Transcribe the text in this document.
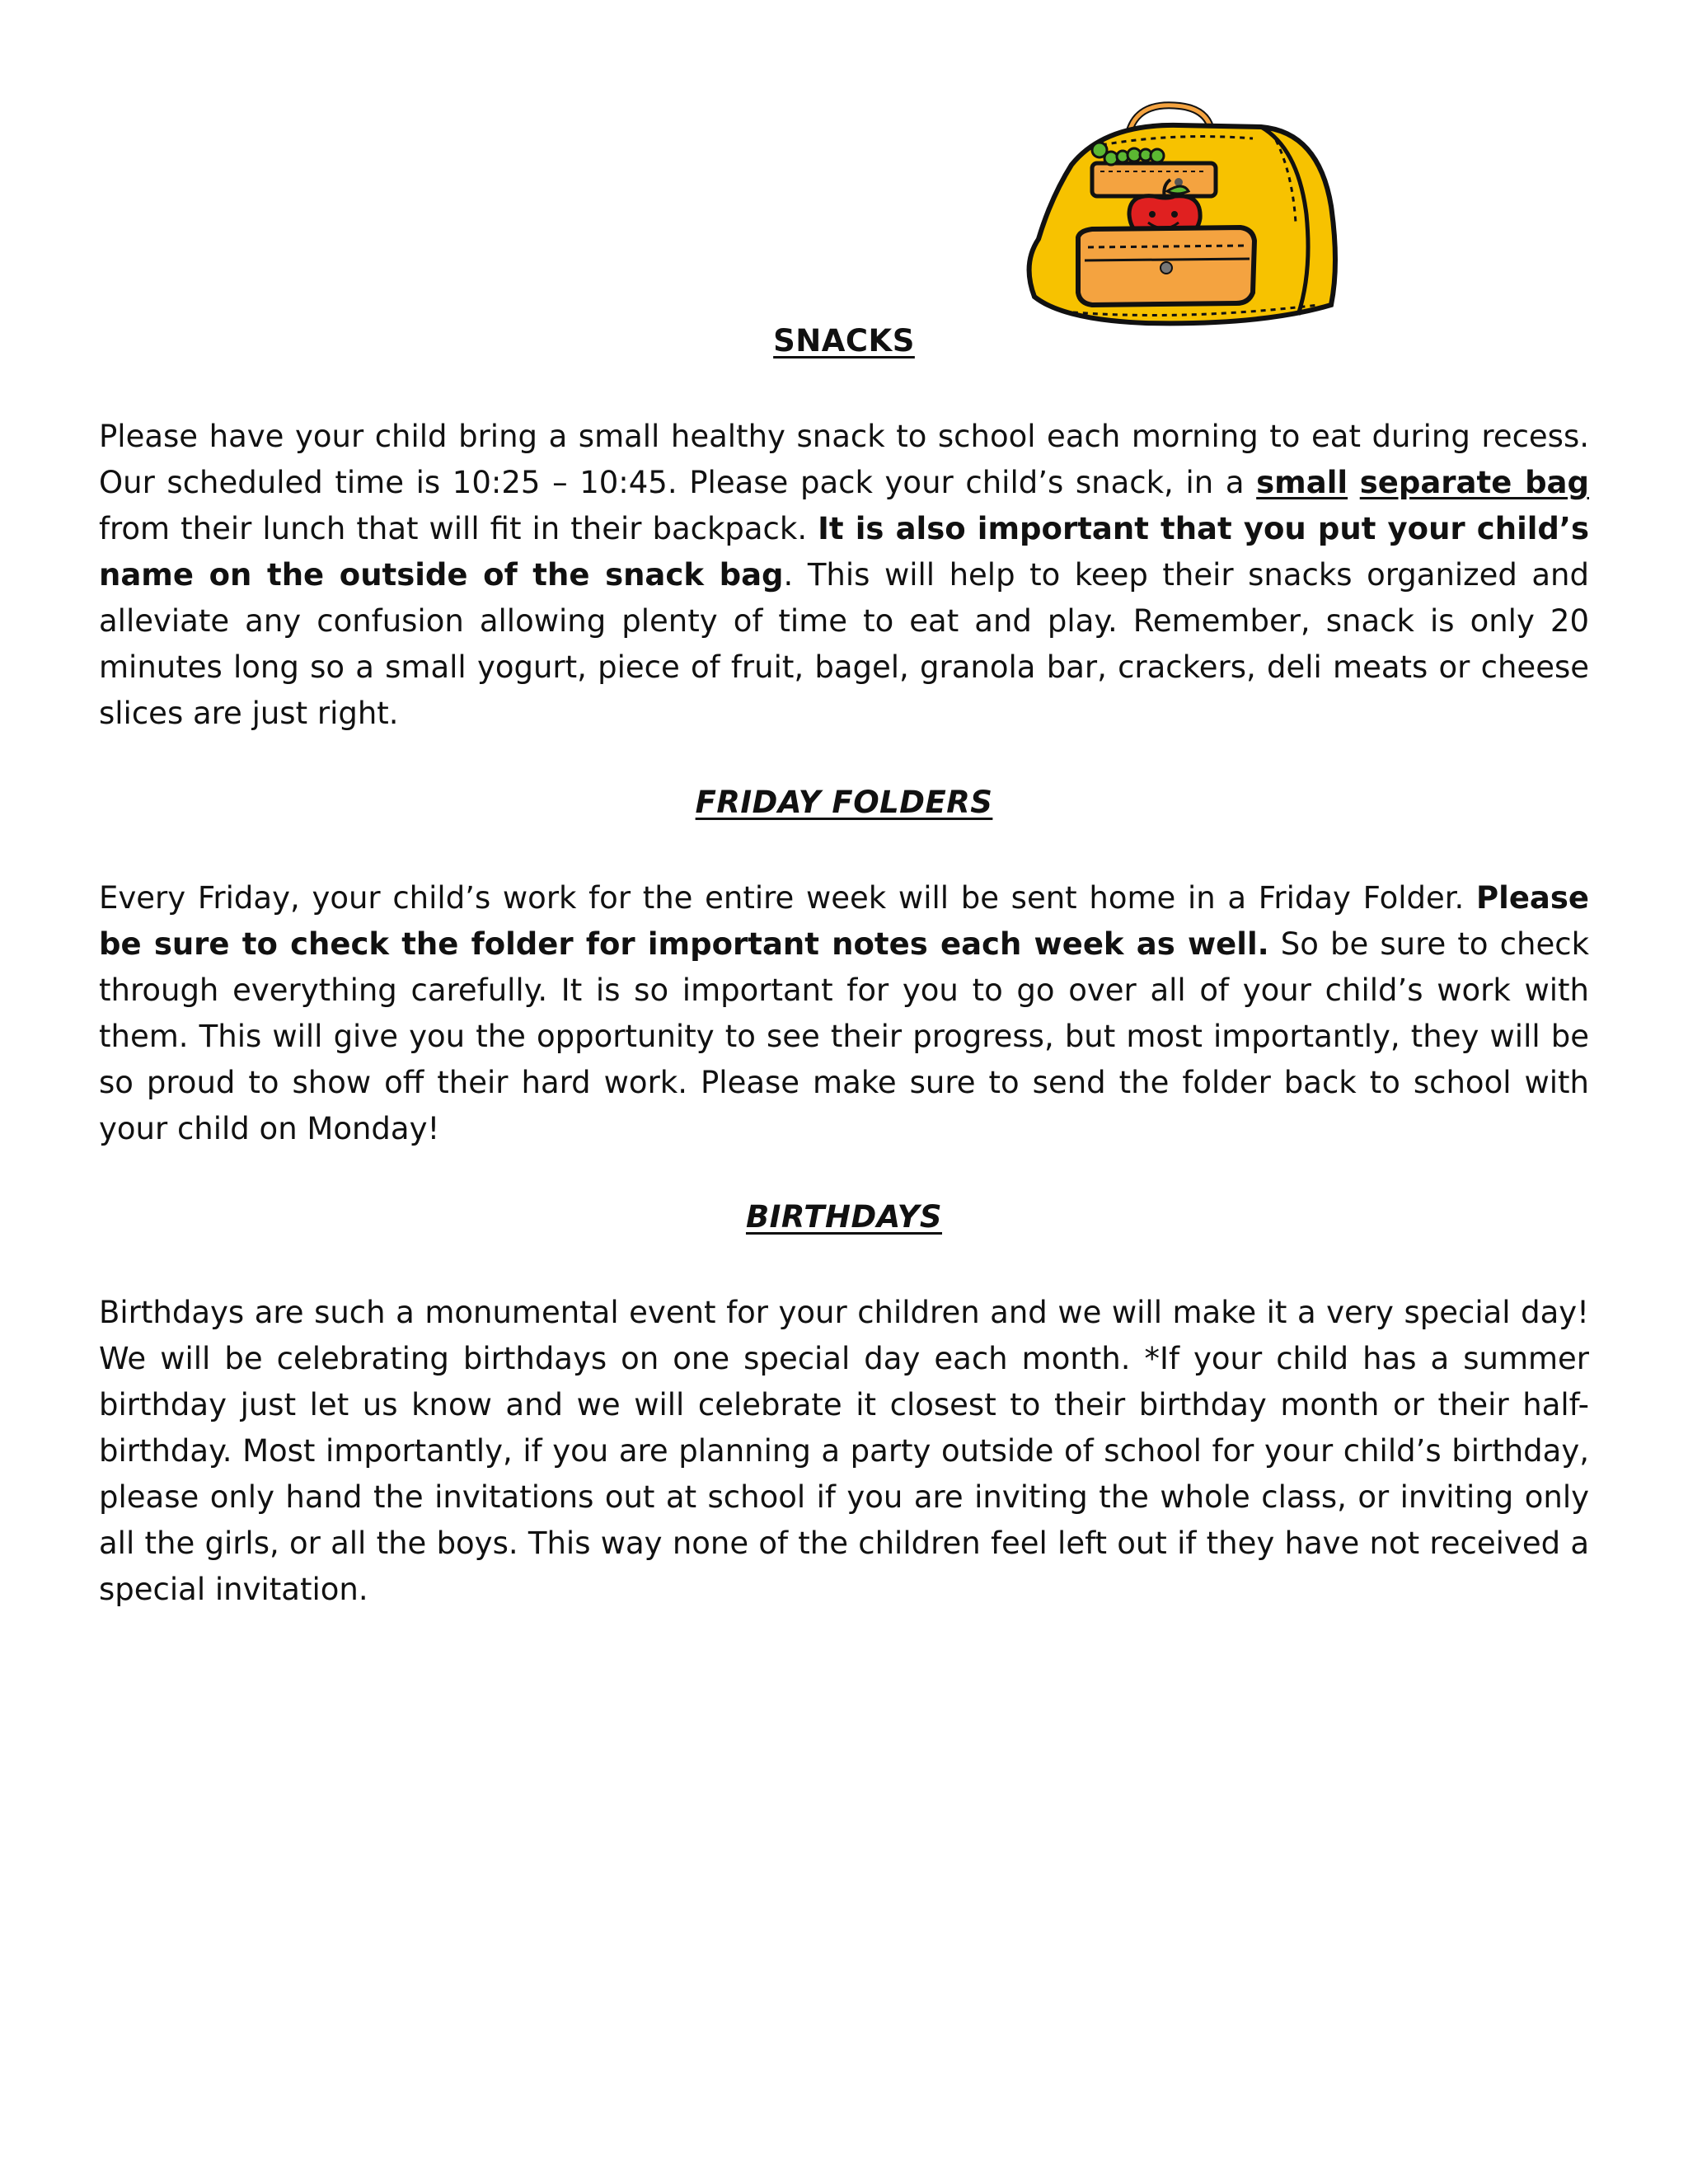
SNACKS

Please have your child bring a small healthy snack to school each morning to eat during recess. Our scheduled time is 10:25 – 10:45. Please pack your child’s snack, in a small separate bag from their lunch that will fit in their backpack. It is also important that you put your child’s name on the outside of the snack bag. This will help to keep their snacks organized and alleviate any confusion allowing plenty of time to eat and play. Remember, snack is only 20 minutes long so a small yogurt, piece of fruit, bagel, granola bar, crackers, deli meats or cheese slices are just right.

FRIDAY FOLDERS

Every Friday, your child’s work for the entire week will be sent home in a Friday Folder. Please be sure to check the folder for important notes each week as well. So be sure to check through everything carefully. It is so important for you to go over all of your child’s work with them. This will give you the opportunity to see their progress, but most importantly, they will be so proud to show off their hard work. Please make sure to send the folder back to school with your child on Monday!

BIRTHDAYS

Birthdays are such a monumental event for your children and we will make it a very special day! We will be celebrating birthdays on one special day each month. *If your child has a summer birthday just let us know and we will celebrate it closest to their birthday month or their half-birthday. Most importantly, if you are planning a party outside of school for your child’s birthday, please only hand the invitations out at school if you are inviting the whole class, or inviting only all the girls, or all the boys. This way none of the children feel left out if they have not received a special invitation.
